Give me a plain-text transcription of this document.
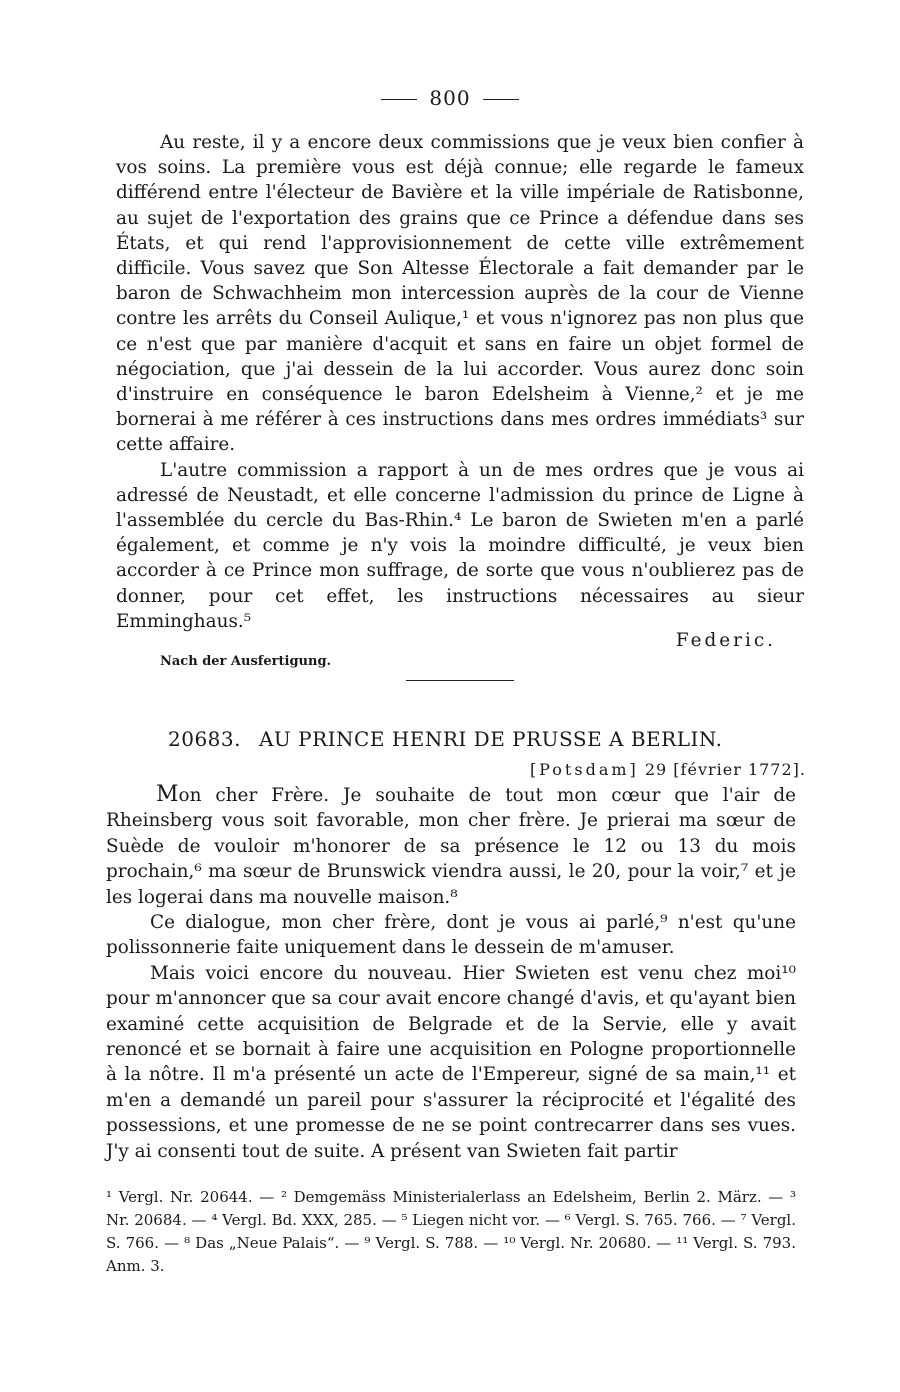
800

Au reste, il y a encore deux commissions que je veux bien confier à vos soins. La première vous est déjà connue; elle regarde le fameux différend entre l'électeur de Bavière et la ville impériale de Ratisbonne, au sujet de l'exportation des grains que ce Prince a défendue dans ses États, et qui rend l'approvisionnement de cette ville extrêmement difficile. Vous savez que Son Altesse Électorale a fait demander par le baron de Schwachheim mon intercession auprès de la cour de Vienne contre les arrêts du Conseil Aulique,¹ et vous n'ignorez pas non plus que ce n'est que par manière d'acquit et sans en faire un objet formel de négociation, que j'ai dessein de la lui accorder. Vous aurez donc soin d'instruire en conséquence le baron Edelsheim à Vienne,² et je me bornerai à me référer à ces instructions dans mes ordres immédiats³ sur cette affaire.

L'autre commission a rapport à un de mes ordres que je vous ai adressé de Neustadt, et elle concerne l'admission du prince de Ligne à l'assemblée du cercle du Bas-Rhin.⁴ Le baron de Swieten m'en a parlé également, et comme je n'y vois la moindre difficulté, je veux bien accorder à ce Prince mon suffrage, de sorte que vous n'oublierez pas de donner, pour cet effet, les instructions nécessaires au sieur Emminghaus.⁵

Federic.
Nach der Ausfertigung.
20683. AU PRINCE HENRI DE PRUSSE A BERLIN.
[Potsdam] 29 [février 1772].

Mon cher Frère. Je souhaite de tout mon cœur que l'air de Rheinsberg vous soit favorable, mon cher frère. Je prierai ma sœur de Suède de vouloir m'honorer de sa présence le 12 ou 13 du mois prochain,⁶ ma sœur de Brunswick viendra aussi, le 20, pour la voir,⁷ et je les logerai dans ma nouvelle maison.⁸

Ce dialogue, mon cher frère, dont je vous ai parlé,⁹ n'est qu'une polissonnerie faite uniquement dans le dessein de m'amuser.

Mais voici encore du nouveau. Hier Swieten est venu chez moi¹⁰ pour m'annoncer que sa cour avait encore changé d'avis, et qu'ayant bien examiné cette acquisition de Belgrade et de la Servie, elle y avait renoncé et se bornait à faire une acquisition en Pologne proportionnelle à la nôtre. Il m'a présenté un acte de l'Empereur, signé de sa main,¹¹ et m'en a demandé un pareil pour s'assurer la réciprocité et l'égalité des possessions, et une promesse de ne se point contrecarrer dans ses vues. J'y ai consenti tout de suite. A présent van Swieten fait partir

¹ Vergl. Nr. 20644. — ² Demgemäss Ministerialerlass an Edelsheim, Berlin 2. März. — ³ Nr. 20684. — ⁴ Vergl. Bd. XXX, 285. — ⁵ Liegen nicht vor. — ⁶ Vergl. S. 765. 766. — ⁷ Vergl. S. 766. — ⁸ Das „Neue Palais“. — ⁹ Vergl. S. 788. — ¹⁰ Vergl. Nr. 20680. — ¹¹ Vergl. S. 793. Anm. 3.
